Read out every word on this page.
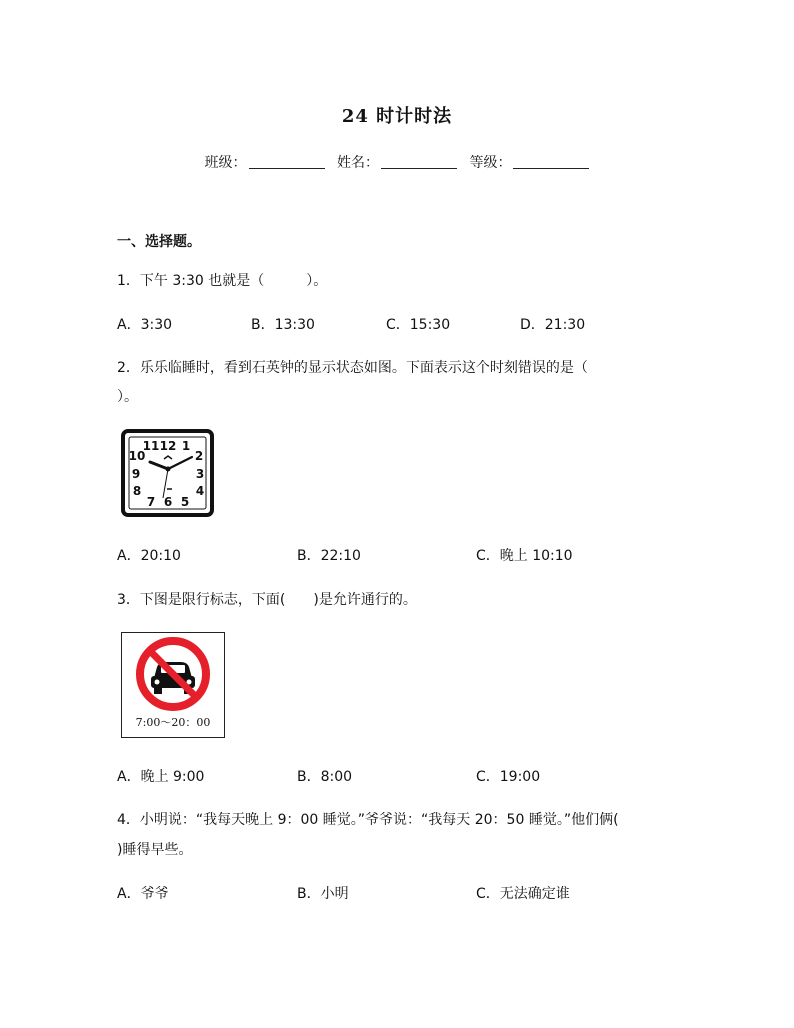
24 时计时法
班级：	姓名：	等级：
一、选择题。
1．下午 3:30 也就是（　　　）。
A．3:30	B．13:30	C．15:30	D．21:30
2．乐乐临睡时，看到石英钟的显示状态如图。下面表示这个时刻错误的是（
）。
11 12 1
10	2
9	3
8	4
7 6 5
A．20:10	B．22:10	C．晚上 10:10
3．下图是限行标志，下面(　　)是允许通行的。
7:00～20：00
A．晚上 9:00	B．8:00	C．19:00
4．小明说：“我每天晚上 9：00 睡觉。”爷爷说：“我每天 20：50 睡觉。”他们俩(
)睡得早些。
A．爷爷	B．小明	C．无法确定谁
